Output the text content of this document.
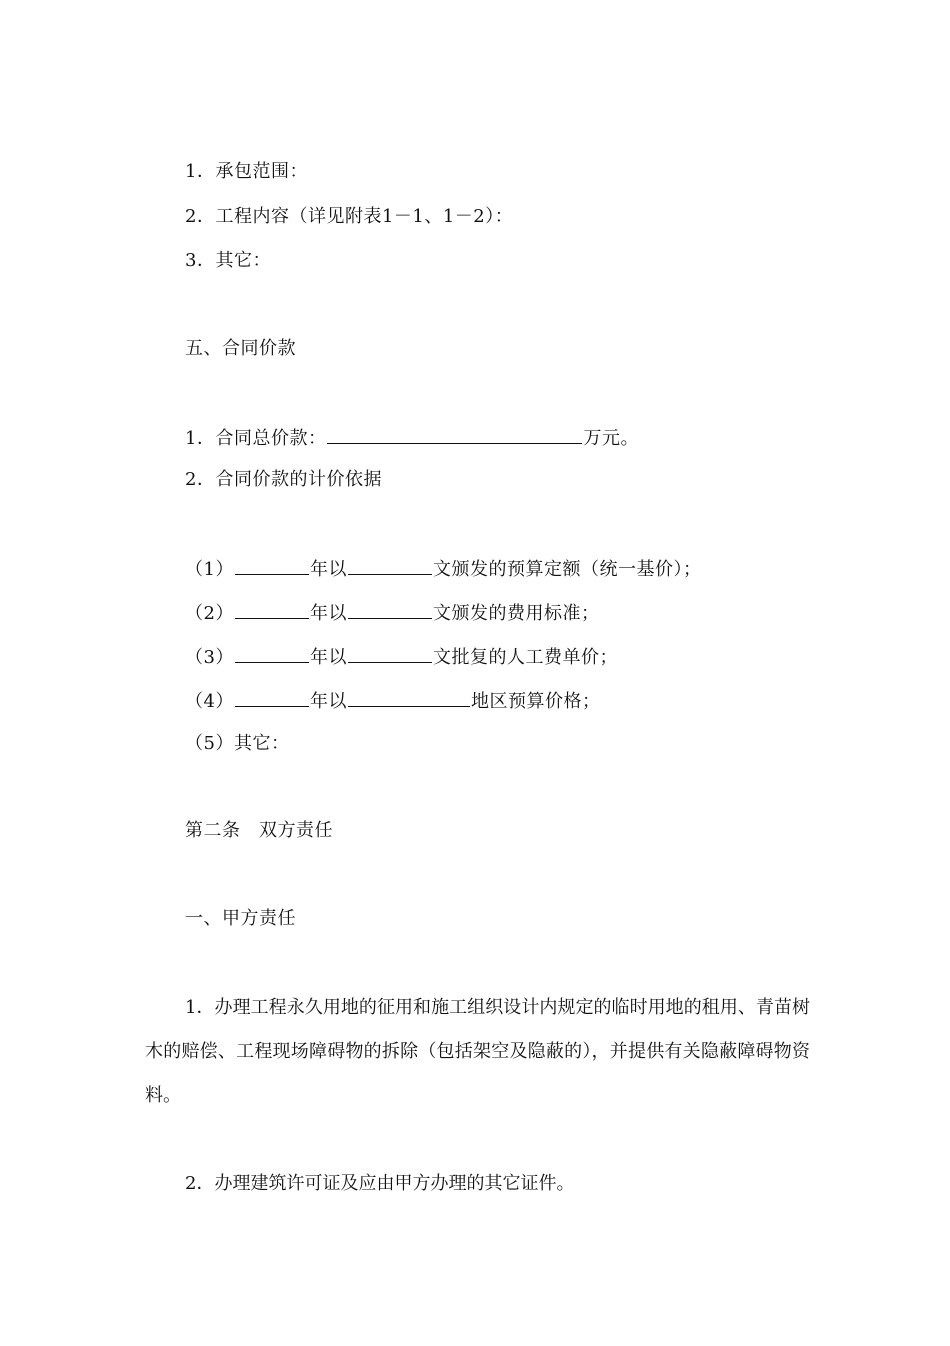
1．承包范围：
2．工程内容（详见附表1－1、1－2）：
3．其它：
五、合同价款
1．合同总价款：	万元。
2．合同价款的计价依据
（1）	年以	文颁发的预算定额（统一基价）；
（2）	年以	文颁发的费用标准；
（3）	年以	文批复的人工费单价；
（4）	年以	地区预算价格；
（5）其它：
第二条　双方责任
一、甲方责任
1．办理工程永久用地的征用和施工组织设计内规定的临时用地的租用、青苗树木的赔偿、工程现场障碍物的拆除（包括架空及隐蔽的），并提供有关隐蔽障碍物资料。
2．办理建筑许可证及应由甲方办理的其它证件。
